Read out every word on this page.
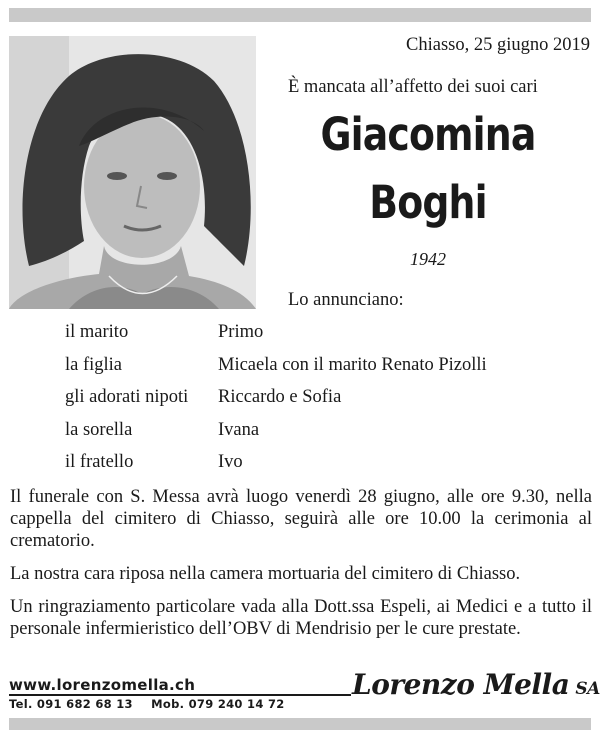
Chiasso, 25 giugno 2019
È mancata all’affetto dei suoi cari
Giacomina
Boghi
1942
Lo annunciano:
il marito	Primo
la figlia	Micaela con il marito Renato Pizolli
gli adorati nipoti	Riccardo e Sofia
la sorella	Ivana
il fratello	Ivo
Il funerale con S. Messa avrà luogo venerdì 28 giugno, alle ore 9.30, nella cappella del cimitero di Chiasso, seguirà alle ore 10.00 la cerimonia al crematorio.
La nostra cara riposa nella camera mortuaria del cimitero di Chiasso.
Un ringraziamento particolare vada alla Dott.ssa Espeli, ai Medici e a tutto il personale infermieristico dell’OBV di Mendrisio per le cure prestate.
www.lorenzomella.ch
Tel. 091 682 68 13 Mob. 079 240 14 72
Lorenzo Mella SA
